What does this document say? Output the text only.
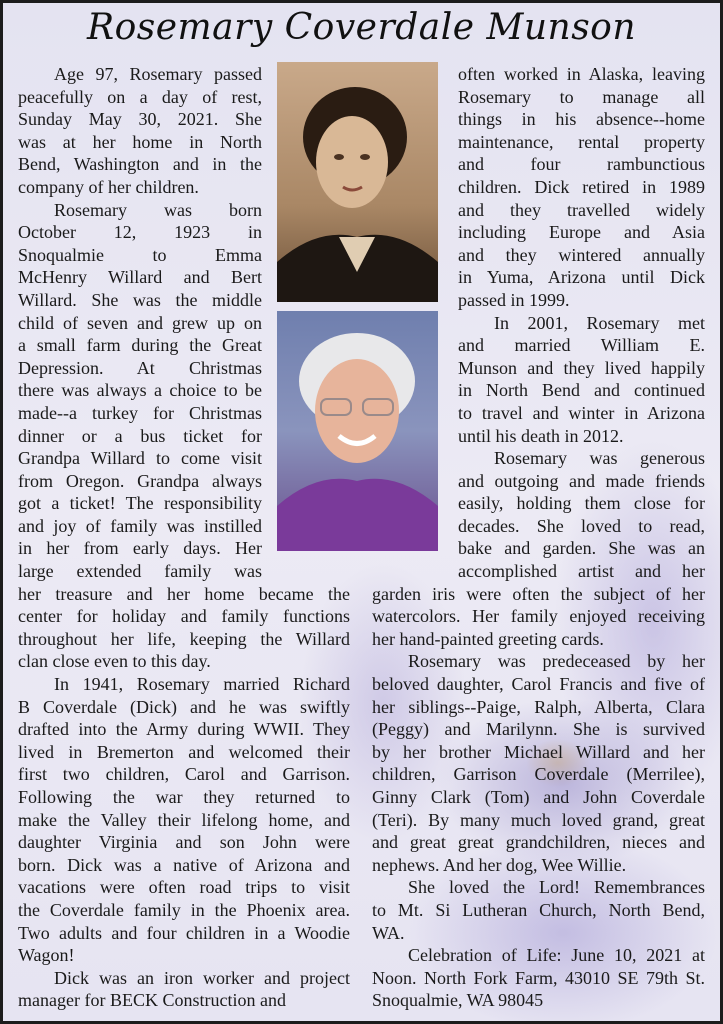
Rosemary Coverdale Munson
Age 97, Rosemary passed
peacefully on a day of rest,
Sunday May 30, 2021. She
was at her home in North
Bend, Washington and in the
company of her children.
Rosemary was born
October 12, 1923 in
Snoqualmie to Emma
McHenry Willard and Bert
Willard. She was the middle
child of seven and grew up on
a small farm during the Great
Depression. At Christmas
there was always a choice to be
made--a turkey for Christmas
dinner or a bus ticket for
Grandpa Willard to come visit
from Oregon. Grandpa always
got a ticket! The responsibility
and joy of family was instilled
in her from early days. Her
large extended family was
her treasure and her home became the
center for holiday and family functions
throughout her life, keeping the Willard
clan close even to this day.
In 1941, Rosemary married Richard
B Coverdale (Dick) and he was swiftly
drafted into the Army during WWII. They
lived in Bremerton and welcomed their
first two children, Carol and Garrison.
Following the war they returned to
make the Valley their lifelong home, and
daughter Virginia and son John were
born. Dick was a native of Arizona and
vacations were often road trips to visit
the Coverdale family in the Phoenix area.
Two adults and four children in a Woodie
Wagon!
Dick was an iron worker and project
manager for BECK Construction and
often worked in Alaska, leaving
Rosemary to manage all
things in his absence--home
maintenance, rental property
and four rambunctious
children. Dick retired in 1989
and they travelled widely
including Europe and Asia
and they wintered annually
in Yuma, Arizona until Dick
passed in 1999.
In 2001, Rosemary met
and married William E.
Munson and they lived happily
in North Bend and continued
to travel and winter in Arizona
until his death in 2012.
Rosemary was generous
and outgoing and made friends
easily, holding them close for
decades. She loved to read,
bake and garden. She was an
accomplished artist and her
garden iris were often the subject of her
watercolors. Her family enjoyed receiving
her hand-painted greeting cards.
Rosemary was predeceased by her
beloved daughter, Carol Francis and five of
her siblings--Paige, Ralph, Alberta, Clara
(Peggy) and Marilynn. She is survived
by her brother Michael Willard and her
children, Garrison Coverdale (Merrilee),
Ginny Clark (Tom) and John Coverdale
(Teri). By many much loved grand, great
and great great grandchildren, nieces and
nephews. And her dog, Wee Willie.
She loved the Lord! Remembrances
to Mt. Si Lutheran Church, North Bend,
WA.
Celebration of Life: June 10, 2021 at
Noon. North Fork Farm, 43010 SE 79th St.
Snoqualmie, WA 98045
